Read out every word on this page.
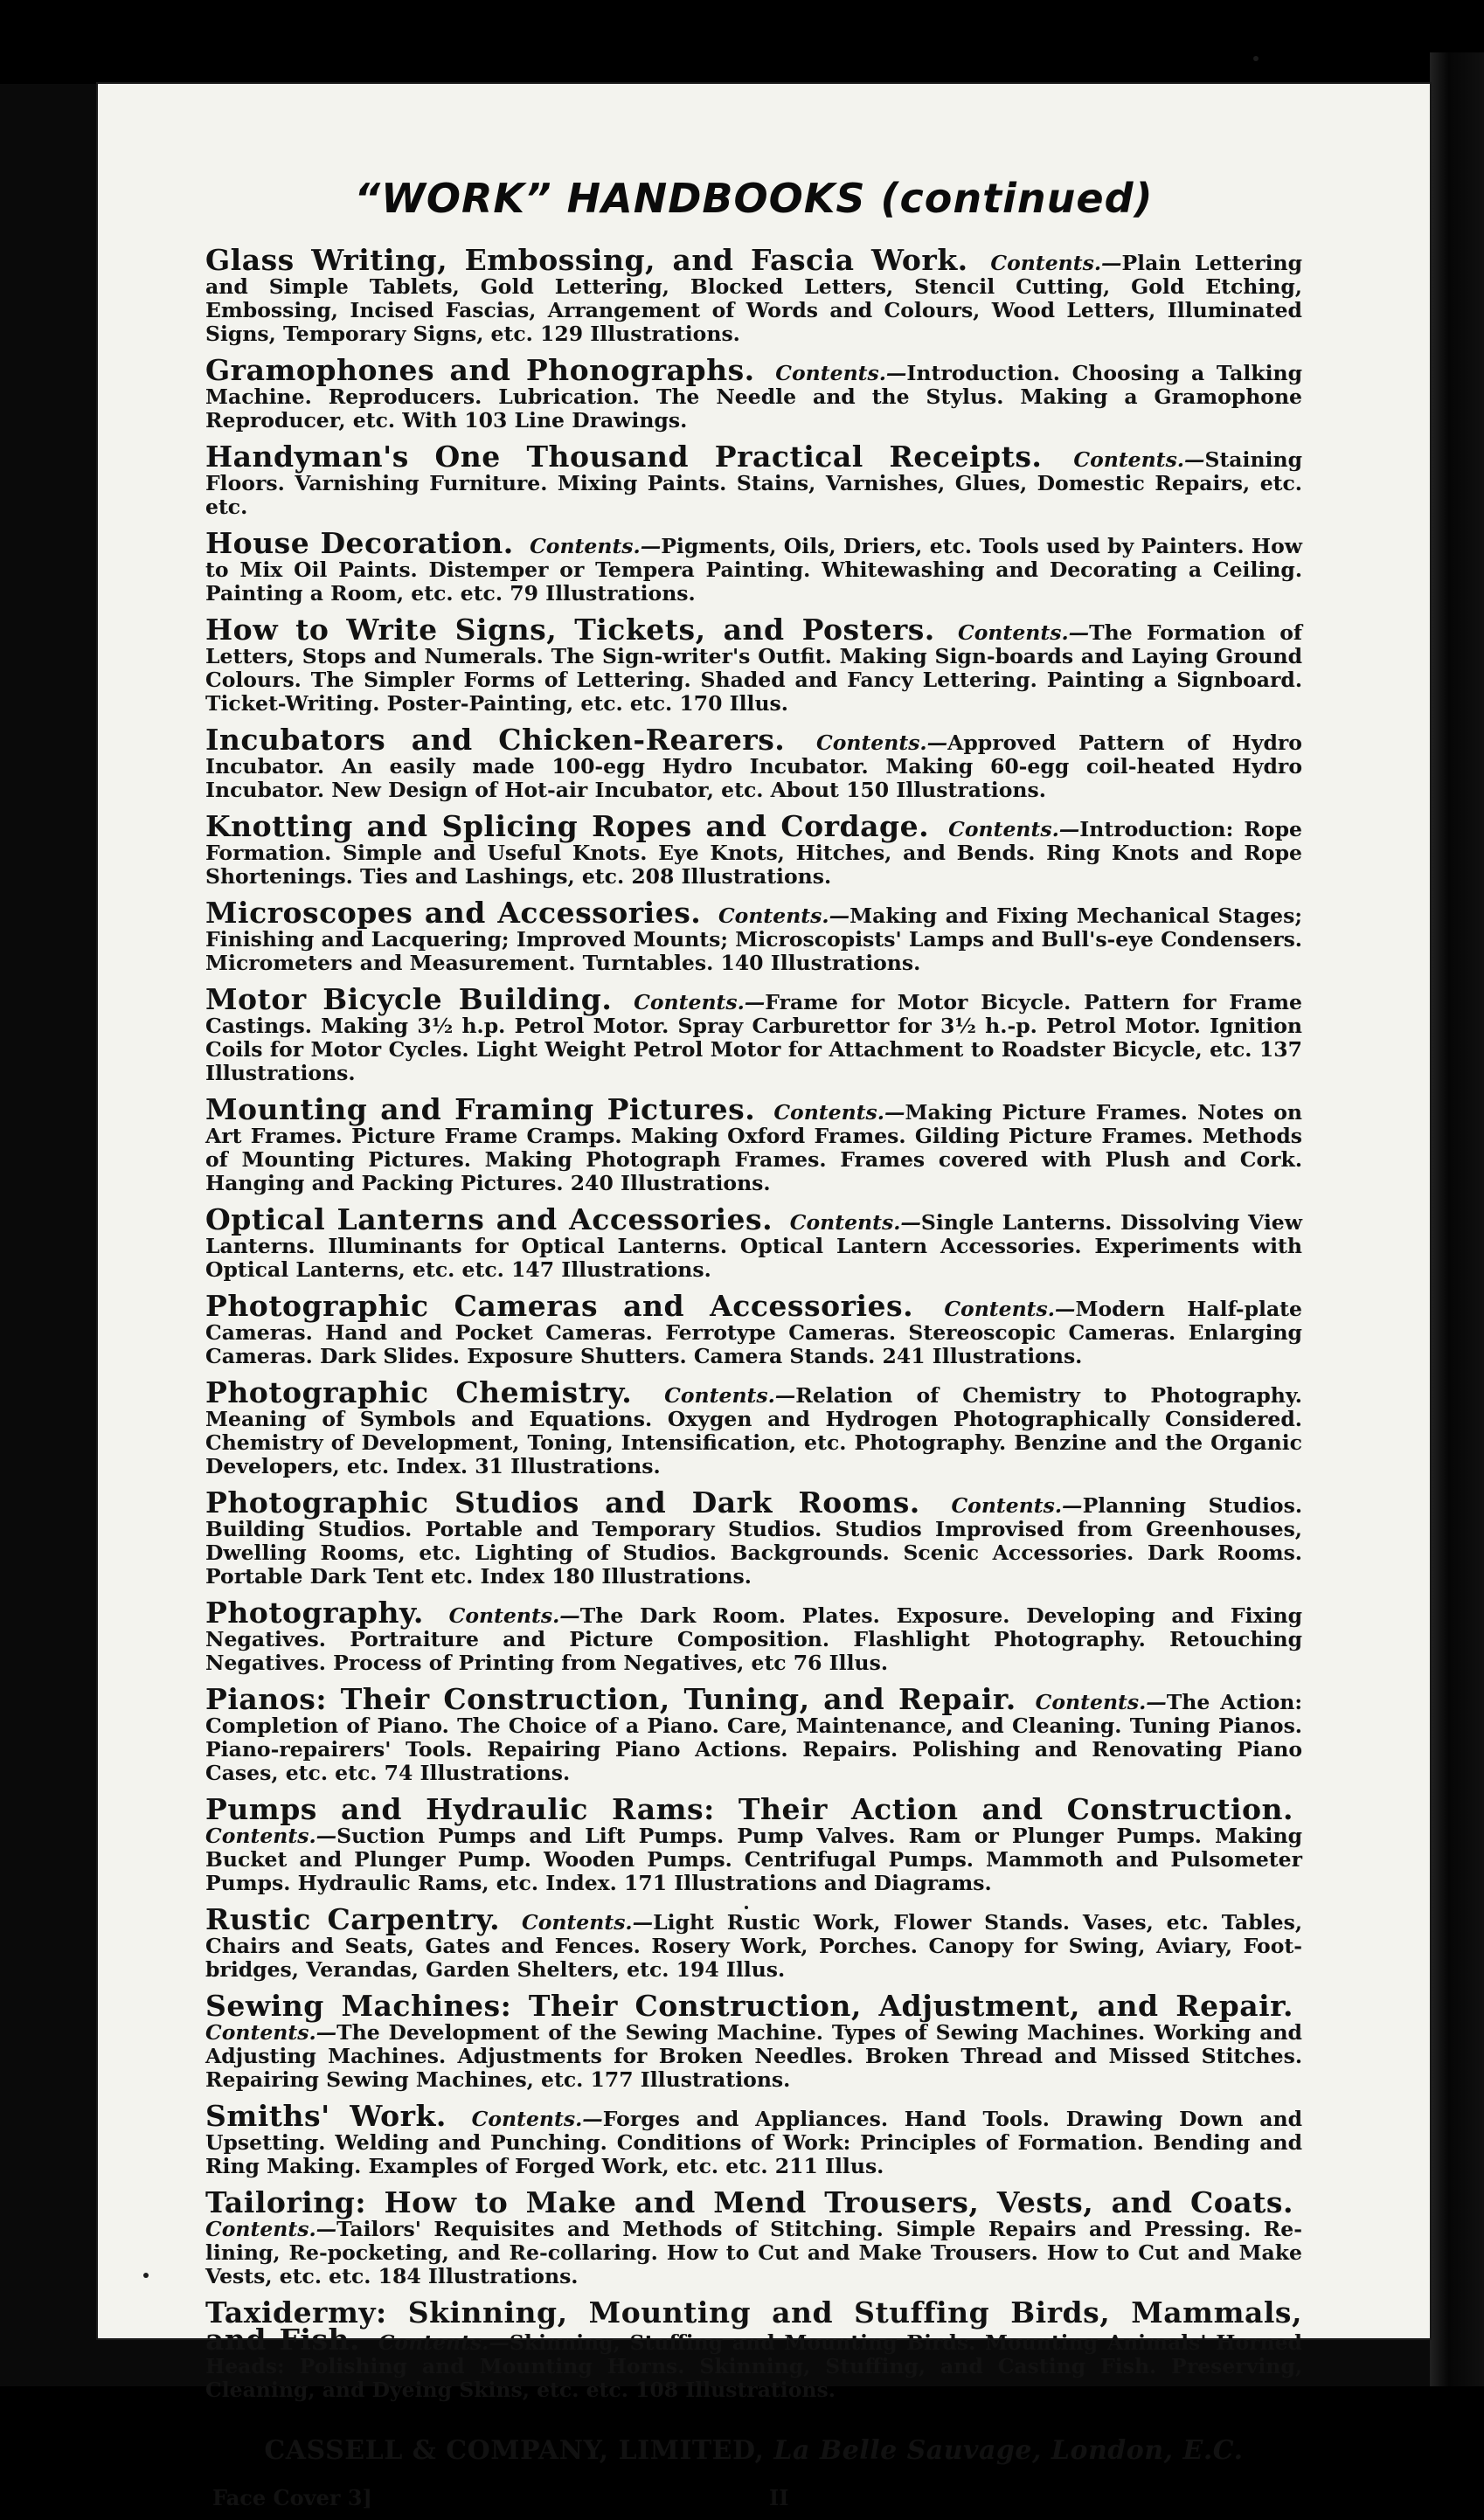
“WORK” HANDBOOKS (continued)

Glass Writing, Embossing, and Fascia Work. Contents.—Plain Lettering and Simple Tablets, Gold Lettering, Blocked Letters, Stencil Cutting, Gold Etching, Embossing, Incised Fascias, Arrangement of Words and Colours, Wood Letters, Illuminated Signs, Temporary Signs, etc. 129 Illustrations.

Gramophones and Phonographs. Contents.—Introduction. Choosing a Talking Machine. Reproducers. Lubrication. The Needle and the Stylus. Making a Gramophone Reproducer, etc. With 103 Line Drawings.

Handyman's One Thousand Practical Receipts. Contents.—Staining Floors. Varnishing Furniture. Mixing Paints. Stains, Varnishes, Glues, Domestic Repairs, etc. etc.

House Decoration. Contents.—Pigments, Oils, Driers, etc. Tools used by Painters. How to Mix Oil Paints. Distemper or Tempera Painting. Whitewashing and Decorating a Ceiling. Painting a Room, etc. etc. 79 Illustrations.

How to Write Signs, Tickets, and Posters. Contents.—The Formation of Letters, Stops and Numerals. The Sign-writer's Outfit. Making Sign-boards and Laying Ground Colours. The Simpler Forms of Lettering. Shaded and Fancy Lettering. Painting a Signboard. Ticket-Writing. Poster-Painting, etc. etc. 170 Illus.

Incubators and Chicken-Rearers. Contents.—Approved Pattern of Hydro Incubator. An easily made 100-egg Hydro Incubator. Making 60-egg coil-heated Hydro Incubator. New Design of Hot-air Incubator, etc. About 150 Illustrations.

Knotting and Splicing Ropes and Cordage. Contents.—Introduction: Rope Formation. Simple and Useful Knots. Eye Knots, Hitches, and Bends. Ring Knots and Rope Shortenings. Ties and Lashings, etc. 208 Illustrations.

Microscopes and Accessories. Contents.—Making and Fixing Mechanical Stages; Finishing and Lacquering; Improved Mounts; Microscopists' Lamps and Bull's-eye Condensers. Micrometers and Measurement. Turntables. 140 Illustrations.

Motor Bicycle Building. Contents.—Frame for Motor Bicycle. Pattern for Frame Castings. Making 3½ h.p. Petrol Motor. Spray Carburettor for 3½ h.-p. Petrol Motor. Ignition Coils for Motor Cycles. Light Weight Petrol Motor for Attachment to Roadster Bicycle, etc. 137 Illustrations.

Mounting and Framing Pictures. Contents.—Making Picture Frames. Notes on Art Frames. Picture Frame Cramps. Making Oxford Frames. Gilding Picture Frames. Methods of Mounting Pictures. Making Photograph Frames. Frames covered with Plush and Cork. Hanging and Packing Pictures. 240 Illustrations.

Optical Lanterns and Accessories. Contents.—Single Lanterns. Dissolving View Lanterns. Illuminants for Optical Lanterns. Optical Lantern Accessories. Experiments with Optical Lanterns, etc. etc. 147 Illustrations.

Photographic Cameras and Accessories. Contents.—Modern Half-plate Cameras. Hand and Pocket Cameras. Ferrotype Cameras. Stereoscopic Cameras. Enlarging Cameras. Dark Slides. Exposure Shutters. Camera Stands. 241 Illustrations.

Photographic Chemistry. Contents.—Relation of Chemistry to Photography. Meaning of Symbols and Equations. Oxygen and Hydrogen Photographically Considered. Chemistry of Development, Toning, Intensification, etc. Photography. Benzine and the Organic Developers, etc. Index. 31 Illustrations.

Photographic Studios and Dark Rooms. Contents.—Planning Studios. Building Studios. Portable and Temporary Studios. Studios Improvised from Greenhouses, Dwelling Rooms, etc. Lighting of Studios. Backgrounds. Scenic Accessories. Dark Rooms. Portable Dark Tent etc. Index 180 Illustrations.

Photography. Contents.—The Dark Room. Plates. Exposure. Developing and Fixing Negatives. Portraiture and Picture Composition. Flashlight Photography. Retouching Negatives. Process of Printing from Negatives, etc 76 Illus.

Pianos: Their Construction, Tuning, and Repair. Contents.—The Action: Completion of Piano. The Choice of a Piano. Care, Maintenance, and Cleaning. Tuning Pianos. Piano-repairers' Tools. Repairing Piano Actions. Repairs. Polishing and Renovating Piano Cases, etc. etc. 74 Illustrations.

Pumps and Hydraulic Rams: Their Action and Construction. Contents.—Suction Pumps and Lift Pumps. Pump Valves. Ram or Plunger Pumps. Making Bucket and Plunger Pump. Wooden Pumps. Centrifugal Pumps. Mammoth and Pulsometer Pumps. Hydraulic Rams, etc. Index. 171 Illustrations and Diagrams.

Rustic Carpentry. Contents.—Light Rustic Work, Flower Stands. Vases, etc. Tables, Chairs and Seats, Gates and Fences. Rosery Work, Porches. Canopy for Swing, Aviary, Foot-bridges, Verandas, Garden Shelters, etc. 194 Illus.

Sewing Machines: Their Construction, Adjustment, and Repair. Contents.—The Development of the Sewing Machine. Types of Sewing Machines. Working and Adjusting Machines. Adjustments for Broken Needles. Broken Thread and Missed Stitches. Repairing Sewing Machines, etc. 177 Illustrations.

Smiths' Work. Contents.—Forges and Appliances. Hand Tools. Drawing Down and Upsetting. Welding and Punching. Conditions of Work: Principles of Formation. Bending and Ring Making. Examples of Forged Work, etc. etc. 211 Illus.

Tailoring: How to Make and Mend Trousers, Vests, and Coats. Contents.—Tailors' Requisites and Methods of Stitching. Simple Repairs and Pressing. Re-lining, Re-pocketing, and Re-collaring. How to Cut and Make Trousers. How to Cut and Make Vests, etc. etc. 184 Illustrations.

Taxidermy: Skinning, Mounting and Stuffing Birds, Mammals, and Fish. Contents.—Skinning, Stuffing and Mounting Birds. Mounting Animals' Horned Heads: Polishing and Mounting Horns. Skinning, Stuffing, and Casting Fish. Preserving, Cleaning, and Dyeing Skins, etc. etc. 108 Illustrations.

CASSELL & COMPANY, LIMITED, La Belle Sauvage, London, E.C.
Face Cover 3]	II
